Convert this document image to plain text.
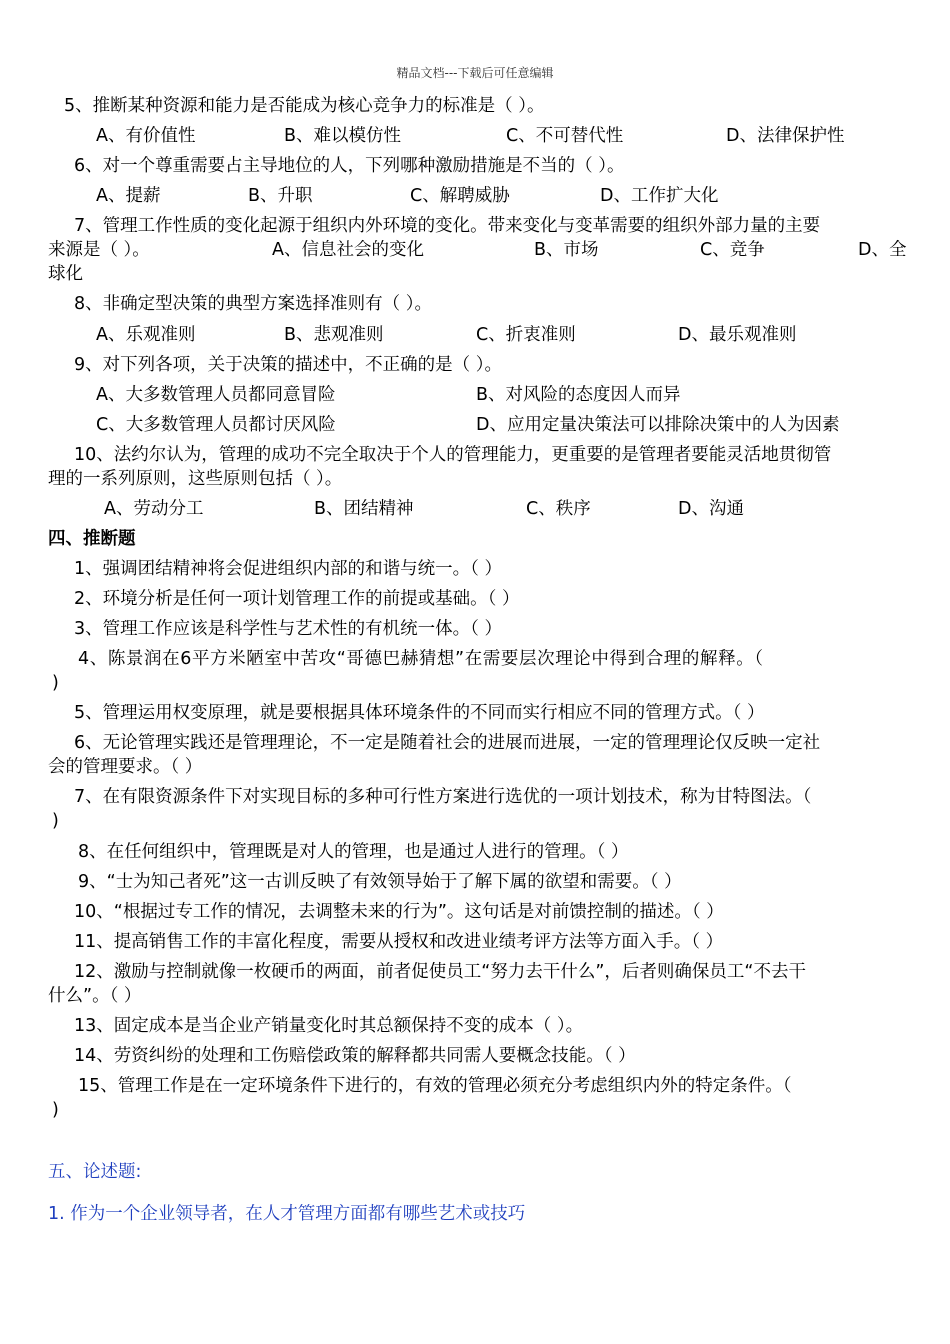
精品文档---下载后可任意编辑
5、推断某种资源和能力是否能成为核心竞争力的标准是（ ）。
A、有价值性	B、难以模仿性	C、不可替代性	D、法律保护性
6、对一个尊重需要占主导地位的人，下列哪种激励措施是不当的（ ）。
A、提薪	B、升职	C、解聘威胁	D、工作扩大化
7、管理工作性质的变化起源于组织内外环境的变化。带来变化与变革需要的组织外部力量的主要
来源是（ ）。	A、信息社会的变化	B、市场	C、竞争	D、全
球化
8、非确定型决策的典型方案选择准则有（ ）。
A、乐观准则	B、悲观准则	C、折衷准则	D、最乐观准则
9、对下列各项，关于决策的描述中，不正确的是（ ）。
A、大多数管理人员都同意冒险	B、对风险的态度因人而异
C、大多数管理人员都讨厌风险	D、应用定量决策法可以排除决策中的人为因素
10、法约尔认为，管理的成功不完全取决于个人的管理能力，更重要的是管理者要能灵活地贯彻管
理的一系列原则，这些原则包括（ ）。
A、劳动分工	B、团结精神	C、秩序	D、沟通
四、推断题
1、强调团结精神将会促进组织内部的和谐与统一。（ ）
2、环境分析是任何一项计划管理工作的前提或基础。（ ）
3、管理工作应该是科学性与艺术性的有机统一体。（ ）
4、陈景润在6平方米陋室中苦攻“哥德巴赫猜想”在需要层次理论中得到合理的解释。（
)
5、管理运用权变原理，就是要根据具体环境条件的不同而实行相应不同的管理方式。（ ）
6、无论管理实践还是管理理论，不一定是随着社会的进展而进展，一定的管理理论仅反映一定社
会的管理要求。（ ）
7、在有限资源条件下对实现目标的多种可行性方案进行选优的一项计划技术，称为甘特图法。（
)
8、在任何组织中，管理既是对人的管理，也是通过人进行的管理。（ ）
9、“士为知己者死”这一古训反映了有效领导始于了解下属的欲望和需要。（ ）
10、“根据过专工作的情况，去调整未来的行为”。这句话是对前馈控制的描述。（ ）
11、提高销售工作的丰富化程度，需要从授权和改进业绩考评方法等方面入手。（ ）
12、激励与控制就像一枚硬币的两面，前者促使员工“努力去干什么”，后者则确保员工“不去干
什么”。（ ）
13、固定成本是当企业产销量变化时其总额保持不变的成本（ ）。
14、劳资纠纷的处理和工伤赔偿政策的解释都共同需人要概念技能。（ ）
15、管理工作是在一定环境条件下进行的，有效的管理必须充分考虑组织内外的特定条件。（
)
五、论述题:
1. 作为一个企业领导者，在人才管理方面都有哪些艺术或技巧
